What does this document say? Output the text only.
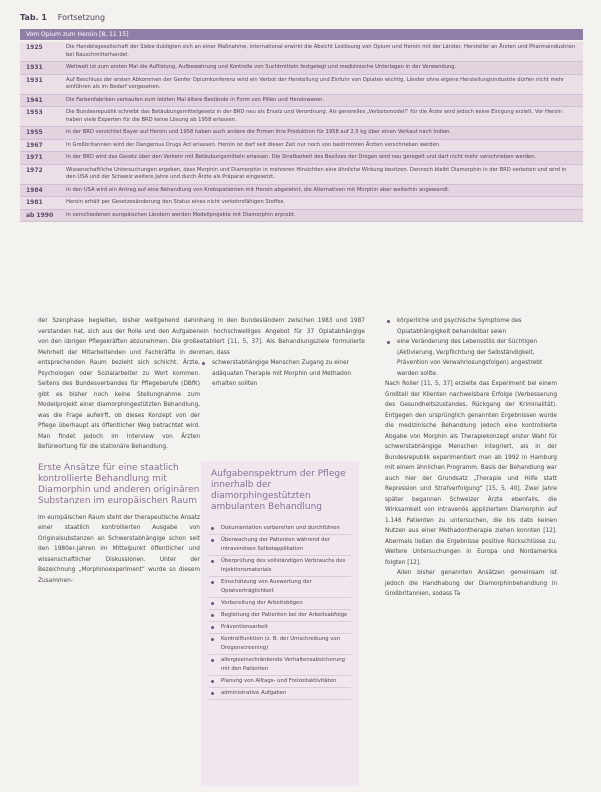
Tab. 1 Fortsetzung
Vom Opium zum Heroin [8, 11 15]
1925	Die Handelsgesellschaft der Siebe duldigten sich an einer Maßnahme, international erwirkt die Absicht Loslösung von Opium und Heroin mit der Länder, Hersteller an Ärzten und Pharmaindustrien bei Rauschmittelhandel.
1931	Weltweit ist zum ersten Mal die Auflistung, Aufbewahrung und Kontrolle von Suchtmitteln festgelegt und medizinische Unterlagen in der Verwendung.
1931	Auf Beschluss der ersten Abkommen der Genfer Opiumkonferenz wird ein Verbot der Herstellung und Einfuhr von Opiaten wichtig. Länder ohne eigene Herstellungsindustrie dürfen nicht mehr einführen als im Bedarf vorgesehen.
1941	Die Farbenfabriken verkaufen zum letzten Mal ältere Bestände in Form von Pillen und Heroinwaren.
1953	Die Bundesrepublik schreibt das Betäubungsmittelgesetz in der BRD neu als Ersatz und Verordnung. Als generelles „Verbotsmodell“ für die Ärzte wird jedoch keine Einigung erzielt. Vor Heroin haben viele Experten für die BRD keine Lösung ab 1958 erlassen.
1955	In der BRD verzichtet Bayer auf Heroin und 1958 haben auch andere die Firmen ihre Produktion für 1958 auf 2,5 kg über einen Verkauf nach Indien.
1967	In Großbritannien wird der Dangerous Drugs Act erlassen. Heroin ist darf seit dieser Zeit nur noch von bestimmten Ärzten verschrieben werden.
1971	In der BRD wird das Gesetz über den Verkehr mit Betäubungsmitteln erlassen. Die Strafbarkeit des Besitzes der Drogen wird neu geregelt und darf nicht mehr verschrieben werden.
1972	Wissenschaftliche Untersuchungen ergeben, dass Morphin und Diamorphin in mehreren Hinsichten eine ähnliche Wirkung besitzen. Dennoch bleibt Diamorphin in der BRD verboten und wird in den USA und der Schweiz weitere Jahre und durch Ärzte als Präparat eingesetzt.
1984	In den USA wird ein Antrag auf eine Behandlung von Krebspatienten mit Heroin abgelehnt, die Alternativen mit Morphin aber weiterhin angewandt.
1981	Heroin erhält per Gesetzesänderung den Status eines nicht verkehrsfähigen Stoffes.
ab 1990	In verschiedenen europäischen Ländern werden Modellprojekte mit Diamorphin erprobt.

der Szenphase begleiten, bisher weitgehend dahin verstanden hat, sich aus der Rolle und den Aufgaben von den übrigen Pflegekräften abzunehmen. Die große Mehrheit der Mitarbeitenden und Fachkräfte in den entsprechenden Raum bezieht sich schlicht. Ärzte, Psychologen oder Sozialarbeiter zu Wort kommen. Seitens des Bundesverbandes für Pflegeberufe (DBfK) gibt es bisher noch keine Stellungnahme zum Modellprojekt einer diamorphingestützten Behandlung, was die Frage aufwirft, ob dieses Konzept von der Pflege überhaupt als öffentlicher Weg betrachtet wird. Man findet jedoch im Interview von Ärzten Befürwortung für die stationäre Behandlung.

Erste Ansätze für eine staatlich kontrollierte Behandlung mit Diamorphin und anderen originären Substanzen im europäischen Raum

Im europäischen Raum steht der therapeutische Ansatz einer staatlich kontrollierten Ausgabe von Originalsubstanzen an Schwerstabhängige schon seit den 1980er-Jahren im Mittelpunkt öffentlicher und wissenschaftlicher Diskussionen. Unter der Bezeichnung „Morphinoexperiment“ wurde so diesem Zusammen-

hang in den Bundesländern zwischen 1983 und 1987 ein hochschwelliges Angebot für 37 Opiatabhängige etabliert [11, 5, 37]. Als Behandlungsziele formulierte man, dass

schwerstabhängige Menschen Zugang zu einer adäquaten Therapie mit Morphin und Methadon erhalten sollten
Aufgabenspektrum der Pflege innerhalb der diamorphingestützten ambulanten Behandlung
Dokumentation vorbereiten und durchführen
Überwachung der Patienten während der intravenösen Selbstapplikation
Überprüfung des vollständigen Verbrauchs des Injektionsmaterials
Einschätzung von Auswertung der Opiatverträglichkeit
Vorbereitung der Arbeitsbögen
Begleitung der Patienten bei der Arbeitsabfolge
Präventionsarbeit
Kontrollfunktion (z. B. der Umschreibung von Drogenscreening)
allergieeinschränkende Verhaltensabsicherung mit den Patienten
Planung von Alltags- und Freizeitaktivitäten
administrative Aufgaben
körperliche und psychische Symptome des Opiatabhängigkeit behandelbar seien
eine Veränderung des Lebensstils der Süchtigen (Aktivierung, Verpflichtung der Selbständigkeit, Prävention von Verwahrlosungsfolgen) angestrebt werden sollte.

Nach Roller [11, 5, 37] erzielte das Experiment bei einem Großteil der Klienten nachweisbare Erfolge (Verbesserung des Gesundheitszustandes, Rückgang der Kriminalität). Entgegen den ursprünglich genannten Ergebnissen wurde die medizinische Behandlung jedoch eine kontrollierte Abgabe von Morphin als Therapiekonzept erster Wahl für schwerstabhängige Menschen integriert, als in der Bundesrepublik experimentiert man ab 1992 in Hamburg mit einem ähnlichen Programm. Basis der Behandlung war auch hier der Grundsatz „Therapie und Hilfe statt Repression und Strafverfolgung“ [15, 5, 40]. Zwei Jahre später begannen Schweizer Ärzte ebenfalls, die Wirksamkeit von intravenös appliziertem Diamorphin auf 1.146 Patienten zu untersuchen, die bis dato keinen Nutzen aus einer Methadontherapie ziehen konnten [12]. Abermals ließen die Ergebnisse positive Rückschlüsse zu. Weitere Untersuchungen in Europa und Nordamerika folgten [12].

Allen bisher genannten Ansätzen gemeinsam ist jedoch die Handhabung der Diamorphinbehandlung in Großbritannien, sodass Ta
